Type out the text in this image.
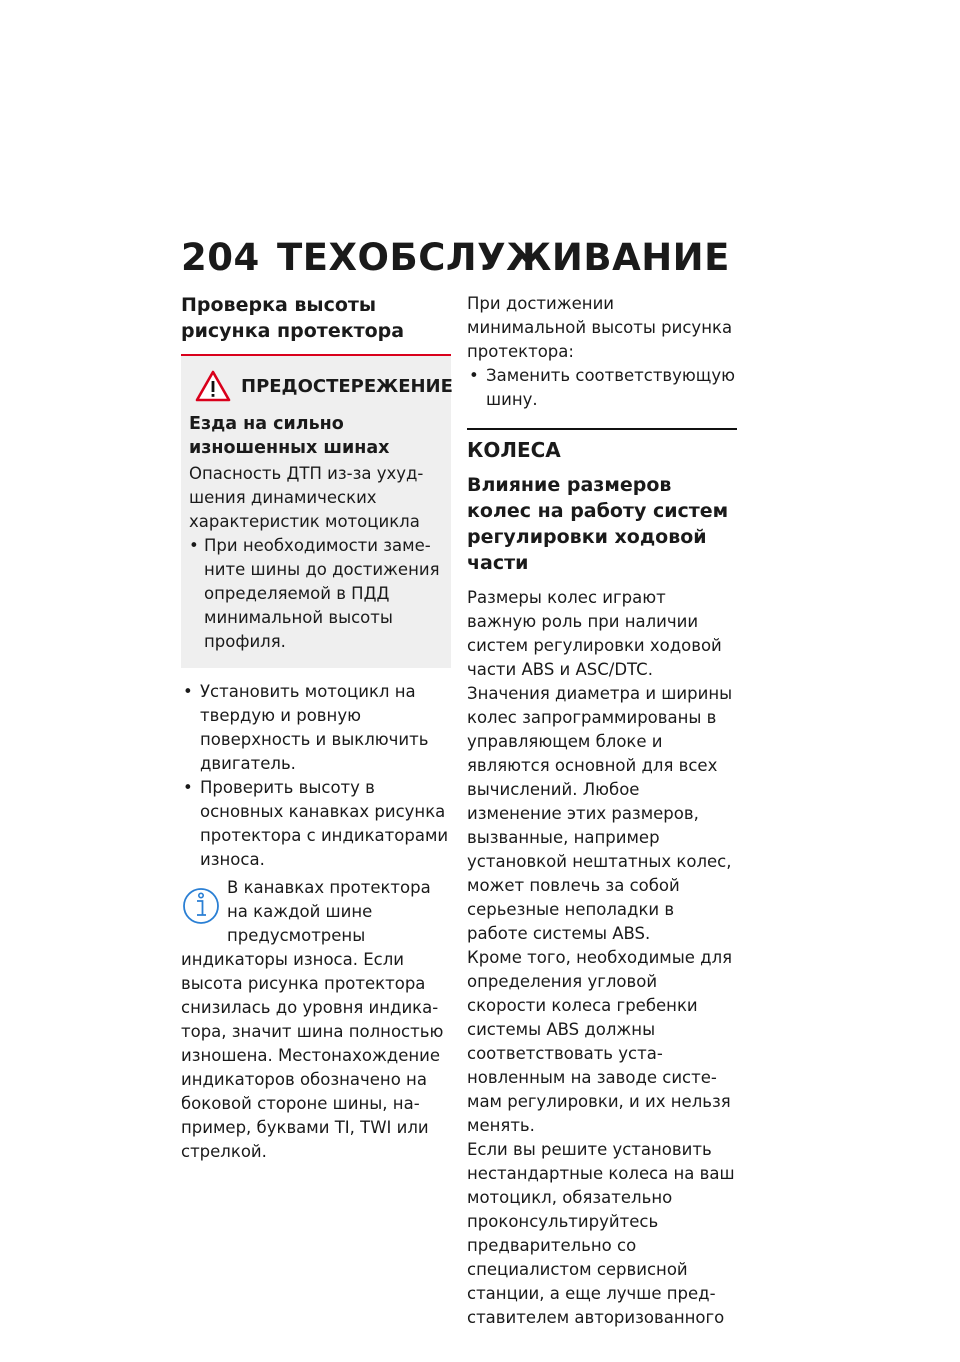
204 ТЕХОБСЛУЖИВАНИЕ
Проверка высоты рисунка протектора
ПРЕДОСТЕРЕЖЕНИЕ
Езда на сильно изношенных шинах

Опасность ДТП из-за ухудшения динамических характеристик мотоцикла

• При необходимости замените шины до достижения определяемой в ПДД минимальной высоты профиля.
• Установить мотоцикл на твердую и ровную поверхность и выключить двигатель.
• Проверить высоту в основных канавках рисунка протектора с индикаторами износа.

В канавках протектора на каждой шине предусмотрены индикаторы износа. Если высота рисунка протектора снизилась до уровня индикатора, значит шина полностью изношена. Местонахождение индикаторов обозначено на боковой стороне шины, например, буквами TI, TWI или стрелкой.

При достижении минимальной высоты рисунка протектора:

• Заменить соответствующую шину.
КОЛЕСА
Влияние размеров колес на работу систем регулировки ходовой части

Размеры колес играют важную роль при наличии систем регулировки ходовой части ABS и ASC/DTC. Значения диаметра и ширины колес запрограммированы в управляющем блоке и являются основной для всех вычислений. Любое изменение этих размеров, вызванные, например установкой нештатных колес, может повлечь за собой серьезные неполадки в работе системы ABS.

Кроме того, необходимые для определения угловой скорости колеса гребенки системы ABS должны соответствовать установленным на заводе системам регулировки, и их нельзя менять.

Если вы решите установить нестандартные колеса на ваш мотоцикл, обязательно проконсультируйтесь предварительно со специалистом сервисной станции, а еще лучше представителем авторизованного
